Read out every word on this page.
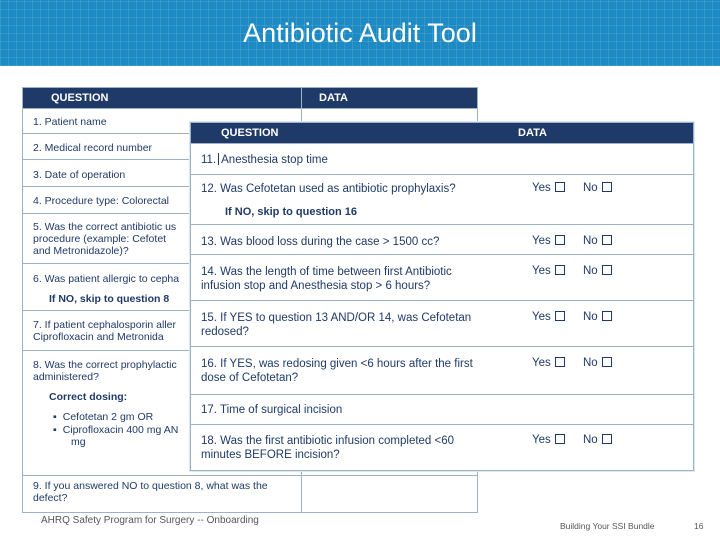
Antibiotic Audit Tool
QUESTION	DATA
1. Patient name
2. Medical record number
3. Date of operation
4. Procedure type: Colorectal
5. Was the correct antibiotic us
procedure (example: Cefotet
and Metronidazole)?
6. Was patient allergic to cepha
If NO, skip to question 8
7. If patient cephalosporin aller
Ciprofloxacin and Metronida
8. Was the correct prophylactic
administered?
Correct dosing:
▪ Cefotetan 2 gm OR
▪ Ciprofloxacin 400 mg AN
mg
9. If you answered NO to question 8, what was the
defect?
QUESTION	DATA
11. Anesthesia stop time
12. Was Cefotetan used as antibiotic prophylaxis?
If NO, skip to question 16
Yes	No
13. Was blood loss during the case > 1500 cc?	Yes	No
14. Was the length of time between first Antibiotic
infusion stop and Anesthesia stop > 6 hours?
Yes	No
15. If YES to question 13 AND/OR 14, was Cefotetan
redosed?
Yes	No
16. If YES, was redosing given <6 hours after the first
dose of Cefotetan?
Yes	No
17. Time of surgical incision
18. Was the first antibiotic infusion completed <60
minutes BEFORE incision?
Yes	No
AHRQ Safety Program for Surgery -- Onboarding	Building Your SSI Bundle	16
